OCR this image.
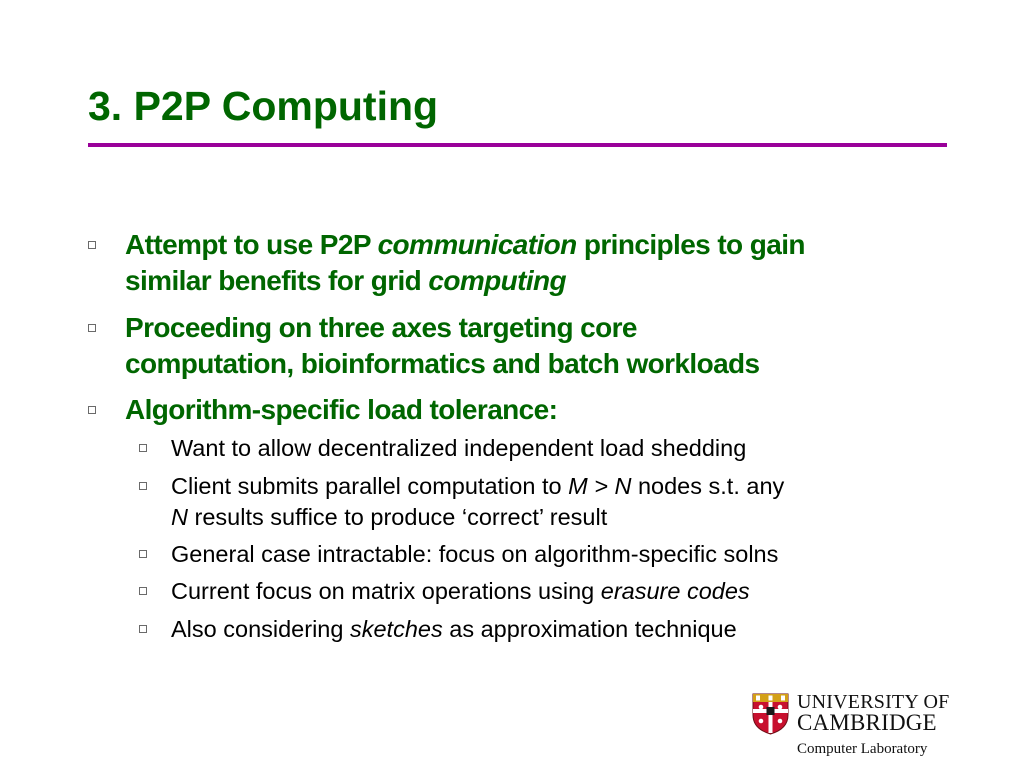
3. P2P Computing
Attempt to use P2P communication principles to gain
similar benefits for grid computing
Proceeding on three axes targeting core
computation, bioinformatics and batch workloads
Algorithm-specific load tolerance:
Want to allow decentralized independent load shedding
Client submits parallel computation to M > N nodes s.t. any
N results suffice to produce ‘correct’ result
General case intractable: focus on algorithm-specific solns
Current focus on matrix operations using erasure codes
Also considering sketches as approximation technique
UNIVERSITY OF
CAMBRIDGE
Computer Laboratory
